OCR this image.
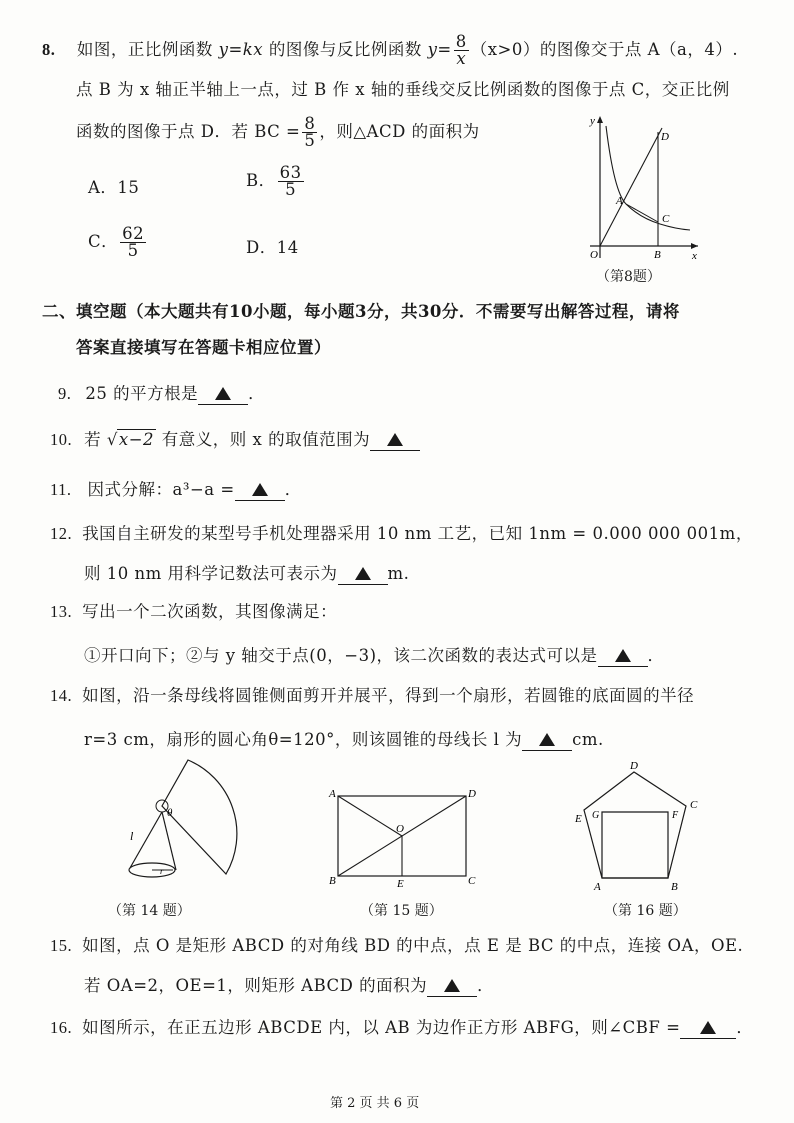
8. 如图，正比例函数 y=kx 的图像与反比例函数 $y= \frac{8}{x} (x>0)$的图像交于点 A（a，4）.
点 B 为 x 轴正半轴上一点，过 B 作 x 轴的垂线交反比例函数的图像于点 C，交正比例
函数的图像于点 D．若 BC = $\frac{8}{5}$ ，则△ACD 的面积为
A．15	B． $\frac{63}{5}$
C． $\frac{62}{5}$	D．14
y
x
O
A
C
D
B
（第8题）
二、填空题（本大题共有10小题，每小题3分，共30分．不需要写出解答过程，请将
答案直接填写在答题卡相应位置）
9. 25 的平方根是	．
10. 若 √x−2 有意义，则 x 的取值范围为
11. 因式分解：a³−a =	．
12. 我国自主研发的某型号手机处理器采用 10 nm 工艺，已知 1nm = 0.000 000 001m，
则 10 nm 用科学记数法可表示为	m.
13. 写出一个二次函数，其图像满足：
①开口向下；②与 y 轴交于点(0，−3)，该二次函数的表达式可以是	．
14. 如图，沿一条母线将圆锥侧面剪开并展平，得到一个扇形，若圆锥的底面圆的半径
r=3 cm，扇形的圆心角θ=120°，则该圆锥的母线长 l 为	cm.
θ
l
r
（第 14 题）
A
B	C
D
O
E
（第 15 题）
D
C
E
A	B
F
G
（第 16 题）
15. 如图，点 O 是矩形 ABCD 的对角线 BD 的中点，点 E 是 BC 的中点，连接 OA，OE.
若 OA=2，OE=1，则矩形 ABCD 的面积为	．
16. 如图所示，在正五边形 ABCDE 内，以 AB 为边作正方形 ABFG，则∠CBF =	．
第 2 页 共 6 页
